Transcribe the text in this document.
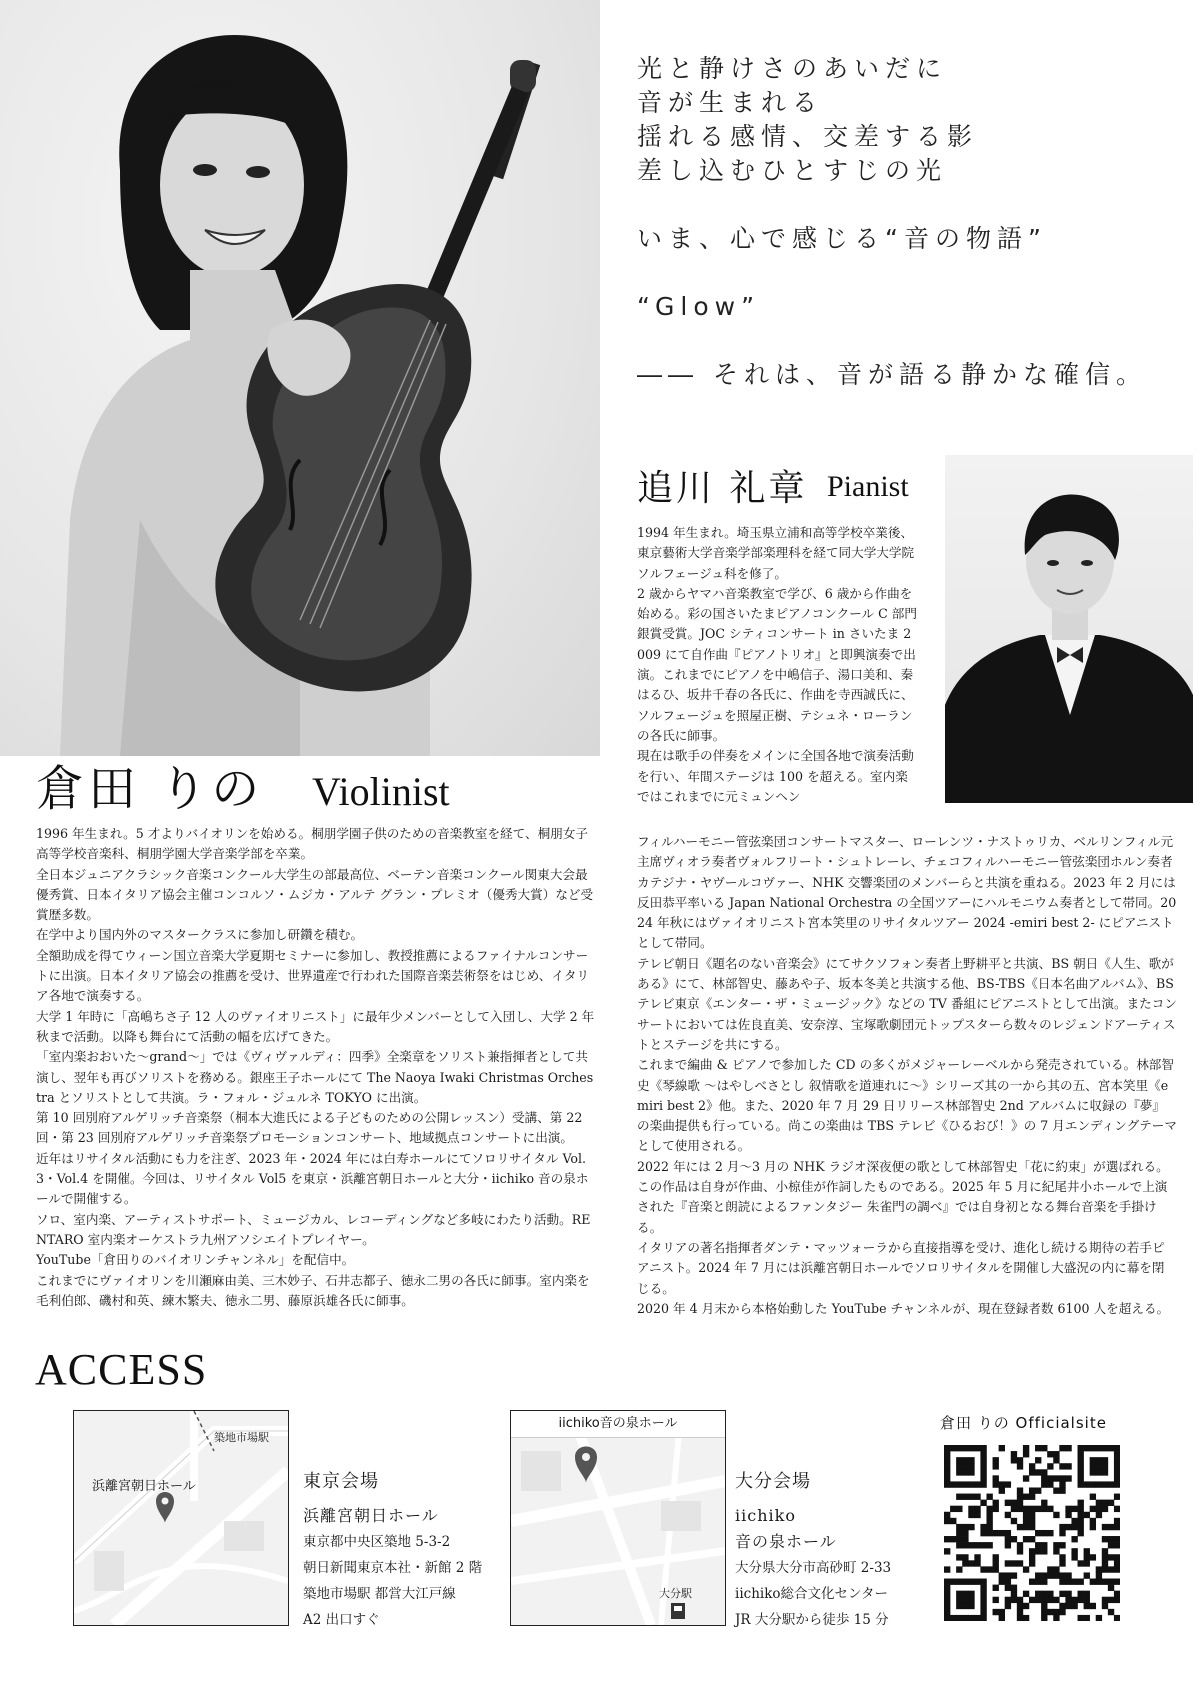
光と静けさのあいだに
音が生まれる
揺れる感情、交差する影
差し込むひとすじの光
いま、心で感じる“音の物語”
“Glow”
―― それは、音が語る静かな確信。
追川 礼章 Pianist

1994 年生まれ。埼玉県立浦和高等学校卒業後、東京藝術大学音楽学部楽理科を経て同大学大学院ソルフェージュ科を修了。

2 歳からヤマハ音楽教室で学び、6 歳から作曲を始める。彩の国さいたまピアノコンクール C 部門銀賞受賞。JOC シティコンサート in さいたま 2009 にて自作曲『ピアノトリオ』と即興演奏で出演。これまでにピアノを中嶋信子、湯口美和、秦はるひ、坂井千春の各氏に、作曲を寺西誠氏に、ソルフェージュを照屋正樹、テシュネ・ローランの各氏に師事。

現在は歌手の伴奏をメインに全国各地で演奏活動を行い、年間ステージは 100 を超える。室内楽ではこれまでに元ミュンヘン

フィルハーモニー管弦楽団コンサートマスター、ローレンツ・ナストゥリカ、ベルリンフィル元主席ヴィオラ奏者ヴォルフリート・シュトレーレ、チェコフィルハーモニー管弦楽団ホルン奏者カテジナ・ヤヴールコヴァー、NHK 交響楽団のメンバーらと共演を重ねる。2023 年 2 月には反田恭平率いる Japan National Orchestra の全国ツアーにハルモニウム奏者として帯同。2024 年秋にはヴァイオリニスト宮本笑里のリサイタルツアー 2024 -emiri best 2- にピアニストとして帯同。

テレビ朝日《題名のない音楽会》にてサクソフォン奏者上野耕平と共演、BS 朝日《人生、歌がある》にて、林部智史、藤あや子、坂本冬美と共演する他、BS-TBS《日本名曲アルバム》、BS テレビ東京《エンター・ザ・ミュージック》などの TV 番組にピアニストとして出演。またコンサートにおいては佐良直美、安奈淳、宝塚歌劇団元トップスターら数々のレジェンドアーティストとステージを共にする。

これまで編曲 & ピアノで参加した CD の多くがメジャーレーベルから発売されている。林部智史《琴線歌 〜はやしべさとし 叙情歌を道連れに〜》シリーズ其の一から其の五、宮本笑里《emiri best 2》他。また、2020 年 7 月 29 日リリース林部智史 2nd アルバムに収録の『夢』の楽曲提供も行っている。尚この楽曲は TBS テレビ《ひるおび！》の 7 月エンディングテーマとして使用される。

2022 年には 2 月〜3 月の NHK ラジオ深夜便の歌として林部智史「花に約束」が選ばれる。この作品は自身が作曲、小椋佳が作詞したものである。2025 年 5 月に紀尾井小ホールで上演された『音楽と朗読によるファンタジー 朱雀門の調べ』では自身初となる舞台音楽を手掛ける。

イタリアの著名指揮者ダンテ・マッツォーラから直接指導を受け、進化し続ける期待の若手ピアニスト。2024 年 7 月には浜離宮朝日ホールでソロリサイタルを開催し大盛況の内に幕を閉じる。

2020 年 4 月末から本格始動した YouTube チャンネルが、現在登録者数 6100 人を超える。

倉田 りの Violinist

1996 年生まれ。5 才よりバイオリンを始める。桐朋学園子供のための音楽教室を経て、桐朋女子高等学校音楽科、桐朋学園大学音楽学部を卒業。

全日本ジュニアクラシック音楽コンクール大学生の部最高位、ベーテン音楽コンクール関東大会最優秀賞、日本イタリア協会主催コンコルソ・ムジカ・アルテ グラン・プレミオ（優秀大賞）など受賞歴多数。

在学中より国内外のマスタークラスに参加し研鑽を積む。

全額助成を得てウィーン国立音楽大学夏期セミナーに参加し、教授推薦によるファイナルコンサートに出演。日本イタリア協会の推薦を受け、世界遺産で行われた国際音楽芸術祭をはじめ、イタリア各地で演奏する。

大学 1 年時に「高嶋ちさ子 12 人のヴァイオリニスト」に最年少メンバーとして入団し、大学 2 年秋まで活動。以降も舞台にて活動の幅を広げてきた。

「室内楽おおいた〜grand〜」では《ヴィヴァルディ：四季》全楽章をソリスト兼指揮者として共演し、翌年も再びソリストを務める。銀座王子ホールにて The Naoya Iwaki Christmas Orchestra とソリストとして共演。ラ・フォル・ジュルネ TOKYO に出演。

第 10 回別府アルゲリッチ音楽祭（桐本大進氏による子どものための公開レッスン）受講、第 22 回・第 23 回別府アルゲリッチ音楽祭プロモーションコンサート、地域拠点コンサートに出演。

近年はリサイタル活動にも力を注ぎ、2023 年・2024 年には白寿ホールにてソロリサイタル Vol.3・Vol.4 を開催。今回は、リサイタル Vol5 を東京・浜離宮朝日ホールと大分・iichiko 音の泉ホールで開催する。

ソロ、室内楽、アーティストサポート、ミュージカル、レコーディングなど多岐にわたり活動。RENTARO 室内楽オーケストラ九州アソシエイトプレイヤー。

YouTube「倉田りのバイオリンチャンネル」を配信中。

これまでにヴァイオリンを川瀬麻由美、三木妙子、石井志都子、徳永二男の各氏に師事。室内楽を毛利伯郎、磯村和英、練木繁夫、徳永二男、藤原浜雄各氏に師事。

ACCESS
築地市場駅
浜離宮朝日ホール	東京会場
浜離宮朝日ホール
東京都中央区築地 5-3-2
朝日新聞東京本社・新館 2 階
築地市場駅 都営大江戸線
A2 出口すぐ
iichiko音の泉ホール
大分駅
大分会場
iichiko
音の泉ホール
大分県大分市高砂町 2-33
iichiko総合文化センター
JR 大分駅から徒歩 15 分
倉田 りの Officialsite
